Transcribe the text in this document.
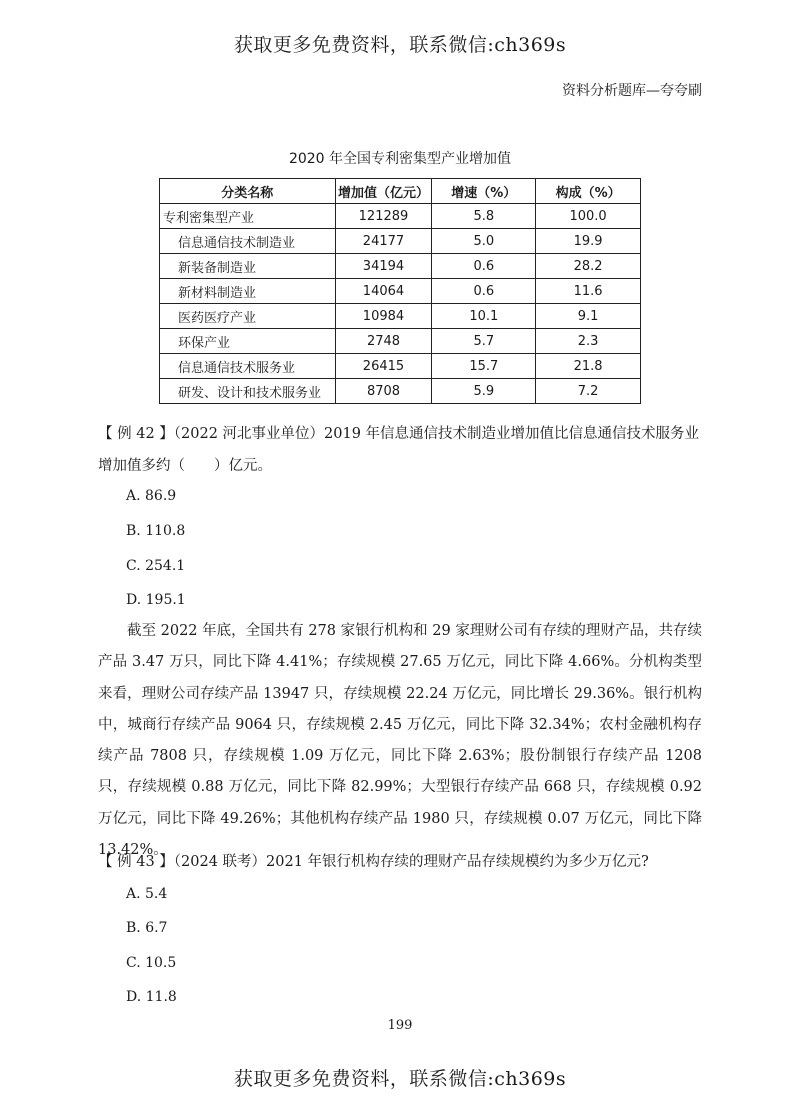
获取更多免费资料，联系微信:ch369s
资料分析题库—夸夸刷
2020 年全国专利密集型产业增加值
分类名称	增加值（亿元）	增速（%）	构成（%）
专利密集型产业	121289	5.8	100.0
信息通信技术制造业	24177	5.0	19.9
新装备制造业	34194	0.6	28.2
新材料制造业	14064	0.6	11.6
医药医疗产业	10984	10.1	9.1
环保产业	2748	5.7	2.3
信息通信技术服务业	26415	15.7	21.8
研发、设计和技术服务业	8708	5.9	7.2
【 例 42 】（2022 河北事业单位）2019 年信息通信技术制造业增加值比信息通信技术服务业增加值多约（　　）亿元。
A. 86.9
B. 110.8
C. 254.1
D. 195.1
截至 2022 年底，全国共有 278 家银行机构和 29 家理财公司有存续的理财产品，共存续产品 3.47 万只，同比下降 4.41%；存续规模 27.65 万亿元，同比下降 4.66%。分机构类型来看，理财公司存续产品 13947 只，存续规模 22.24 万亿元，同比增长 29.36%。银行机构中，城商行存续产品 9064 只，存续规模 2.45 万亿元，同比下降 32.34%；农村金融机构存续产品 7808 只，存续规模 1.09 万亿元，同比下降 2.63%；股份制银行存续产品 1208 只，存续规模 0.88 万亿元，同比下降 82.99%；大型银行存续产品 668 只，存续规模 0.92 万亿元，同比下降 49.26%；其他机构存续产品 1980 只，存续规模 0.07 万亿元，同比下降 13.42%。
【 例 43 】（2024 联考）2021 年银行机构存续的理财产品存续规模约为多少万亿元?
A. 5.4
B. 6.7
C. 10.5
D. 11.8
199
获取更多免费资料，联系微信:ch369s
